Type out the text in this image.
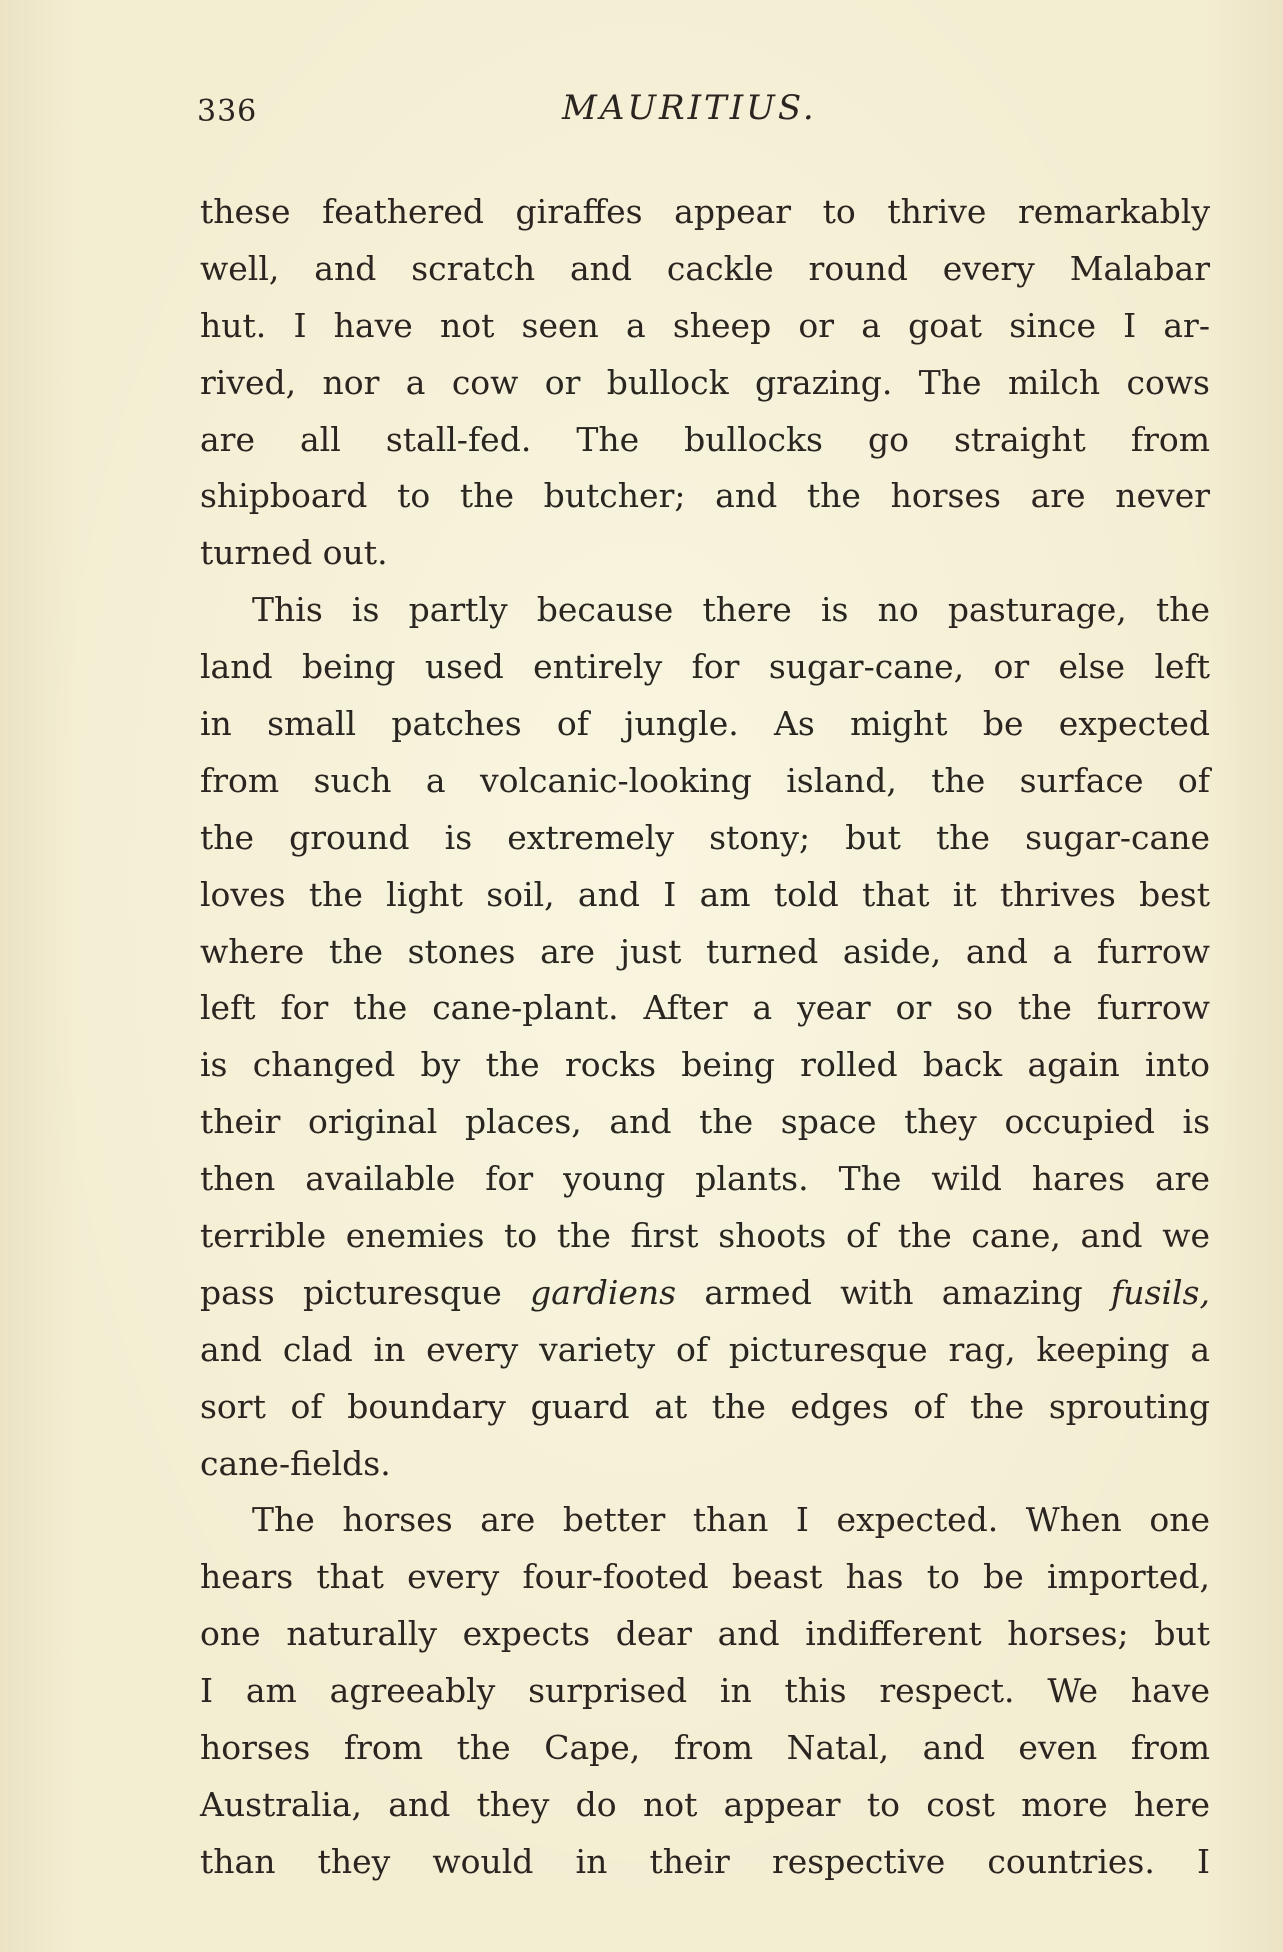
336	MAURITIUS.
these feathered giraffes appear to thrive remarkably
well, and scratch and cackle round every Malabar
hut. I have not seen a sheep or a goat since I ar-
rived, nor a cow or bullock grazing. The milch cows
are all stall-fed. The bullocks go straight from
shipboard to the butcher; and the horses are never
turned out.
This is partly because there is no pasturage, the
land being used entirely for sugar-cane, or else left
in small patches of jungle. As might be expected
from such a volcanic-looking island, the surface of
the ground is extremely stony; but the sugar-cane
loves the light soil, and I am told that it thrives best
where the stones are just turned aside, and a furrow
left for the cane-plant. After a year or so the furrow
is changed by the rocks being rolled back again into
their original places, and the space they occupied is
then available for young plants. The wild hares are
terrible enemies to the first shoots of the cane, and we
pass picturesque gardiens armed with amazing fusils,
and clad in every variety of picturesque rag, keeping a
sort of boundary guard at the edges of the sprouting
cane-fields.
The horses are better than I expected. When one
hears that every four-footed beast has to be imported,
one naturally expects dear and indifferent horses; but
I am agreeably surprised in this respect. We have
horses from the Cape, from Natal, and even from
Australia, and they do not appear to cost more here
than they would in their respective countries. I
